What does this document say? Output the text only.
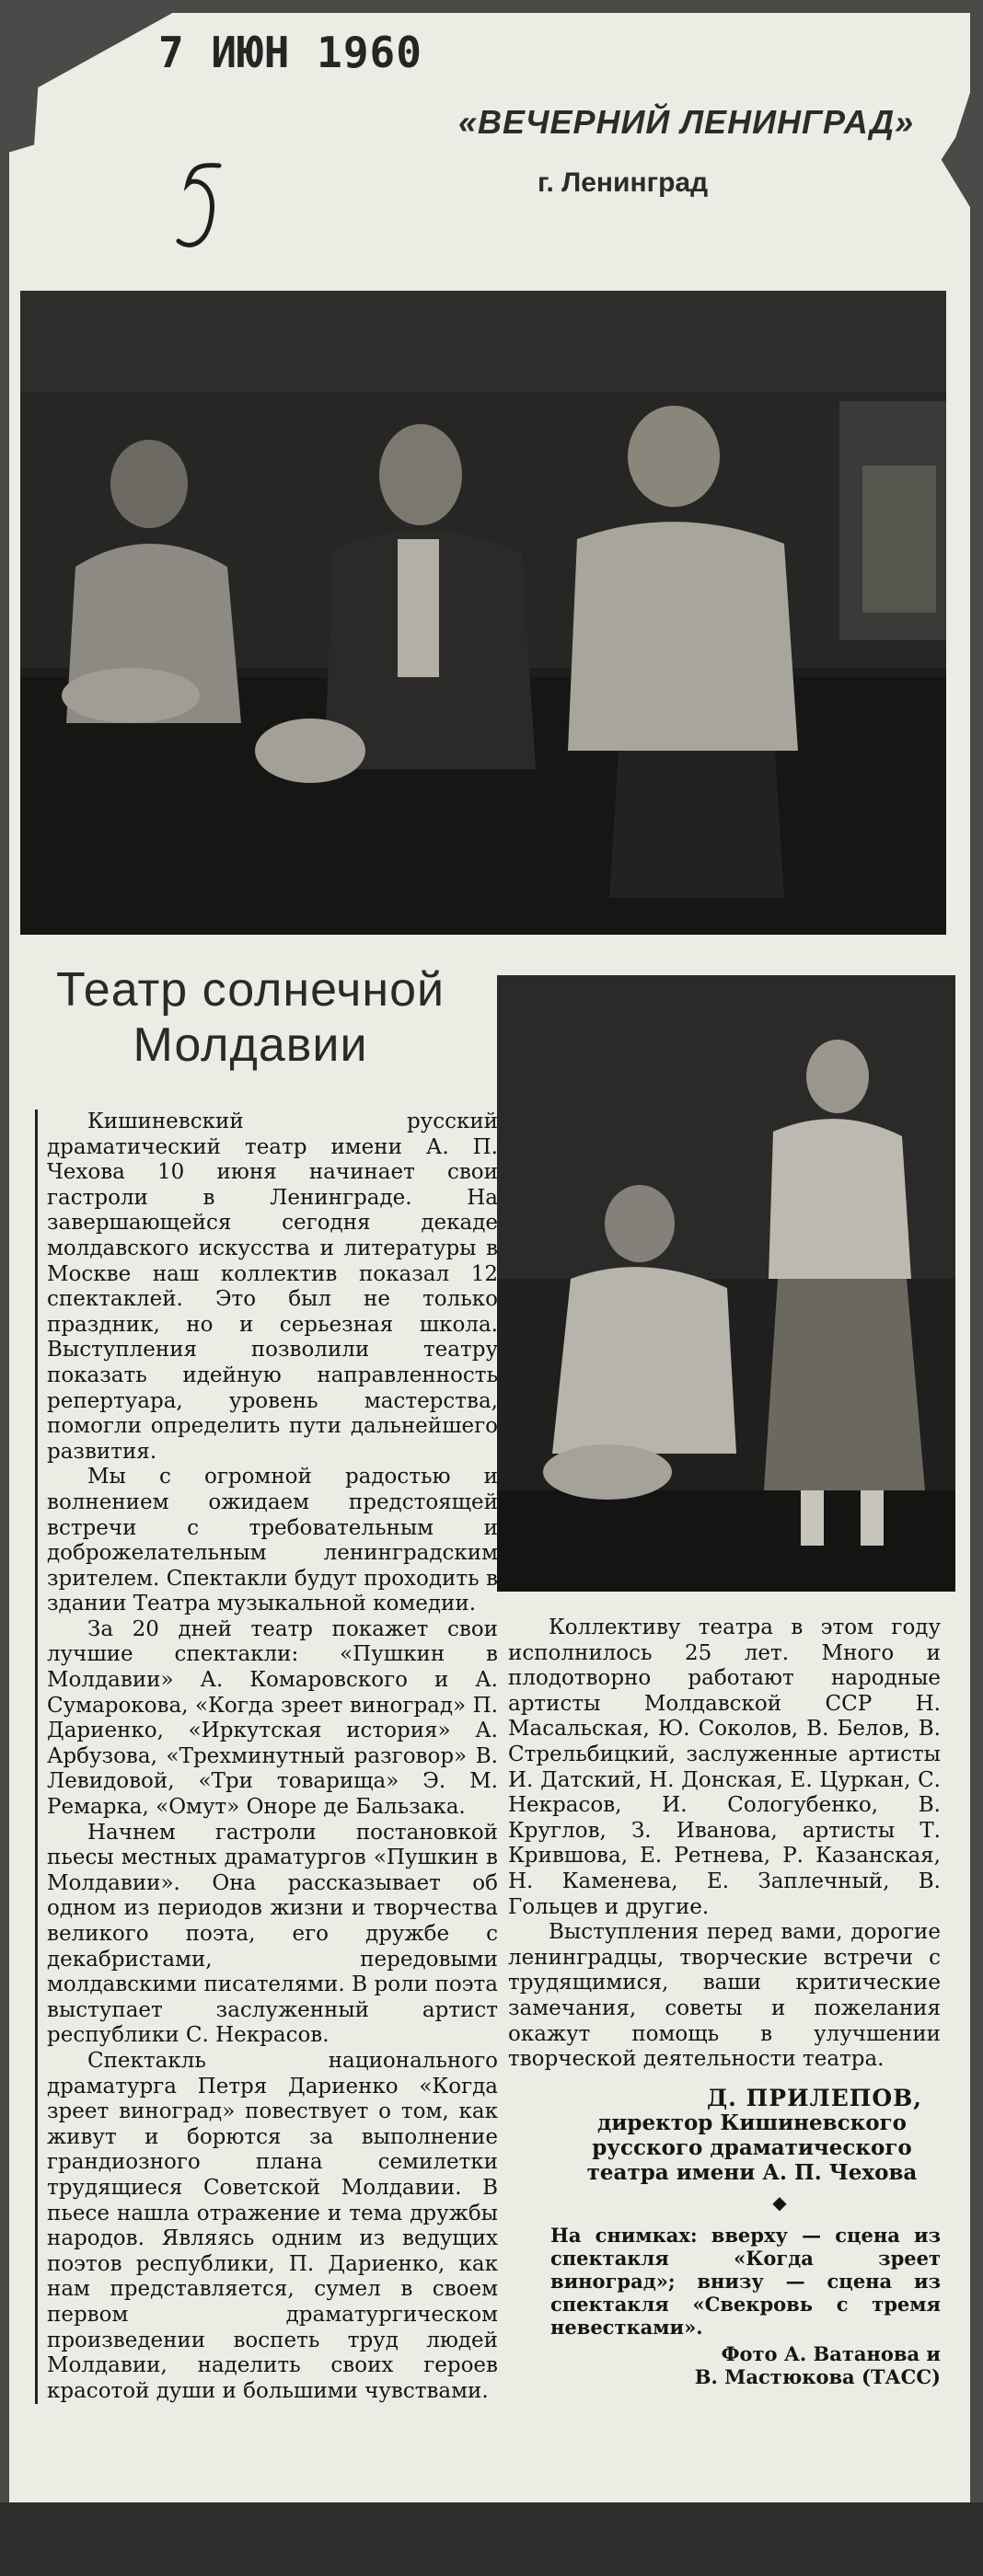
7 ИЮН 1960
«ВЕЧЕРНИЙ ЛЕНИНГРАД»
г. Ленинград
Театр солнечной Молдавии

Кишиневский русский драматический театр имени А. П. Чехова 10 июня начинает свои гастроли в Ленинграде. На завершающейся сегодня декаде молдавского искусства и литературы в Москве наш коллектив показал 12 спектаклей. Это был не только праздник, но и серьезная школа. Выступления позволили театру показать идейную направленность репертуара, уровень мастерства, помогли определить пути дальнейшего развития.

Мы с огромной радостью и волнением ожидаем предстоящей встречи с требовательным и доброжелательным ленинградским зрителем. Спектакли будут проходить в здании Театра музыкальной комедии.

За 20 дней театр покажет свои лучшие спектакли: «Пушкин в Молдавии» А. Комаровского и А. Сумарокова, «Когда зреет виноград» П. Дариенко, «Иркутская история» А. Арбузова, «Трехминутный разговор» В. Левидовой, «Три товарища» Э. М. Ремарка, «Омут» Оноре де Бальзака.

Начнем гастроли постановкой пьесы местных драматургов «Пушкин в Молдавии». Она рассказывает об одном из периодов жизни и творчества великого поэта, его дружбе с декабристами, передовыми молдавскими писателями. В роли поэта выступает заслуженный артист республики С. Некрасов.

Спектакль национального драматурга Петря Дариенко «Когда зреет виноград» повествует о том, как живут и борются за выполнение грандиозного плана семилетки трудящиеся Советской Молдавии. В пьесе нашла отражение и тема дружбы народов. Являясь одним из ведущих поэтов республики, П. Дариенко, как нам представляется, сумел в своем первом драматургическом произведении воспеть труд людей Молдавии, наделить своих героев красотой души и большими чувствами.

Коллективу театра в этом году исполнилось 25 лет. Много и плодотворно работают народные артисты Молдавской ССР Н. Масальская, Ю. Соколов, В. Белов, В. Стрельбицкий, заслуженные артисты И. Датский, Н. Донская, Е. Цуркан, С. Некрасов, И. Сологубенко, В. Круглов, З. Иванова, артисты Т. Крившова, Е. Ретнева, Р. Казанская, Н. Каменева, Е. Заплечный, В. Гольцев и другие.

Выступления перед вами, дорогие ленинградцы, творческие встречи с трудящимися, ваши критические замечания, советы и пожелания окажут помощь в улучшении творческой деятельности театра.

Д. ПРИЛЕПОВ,
директор Кишиневского русского драматического театра имени А. П. Чехова
◆
На снимках: вверху — сцена из спектакля «Когда зреет виноград»; внизу — сцена из спектакля «Свекровь с тремя невестками».
Фото А. Ватанова и
В. Мастюкова (ТАСС)
